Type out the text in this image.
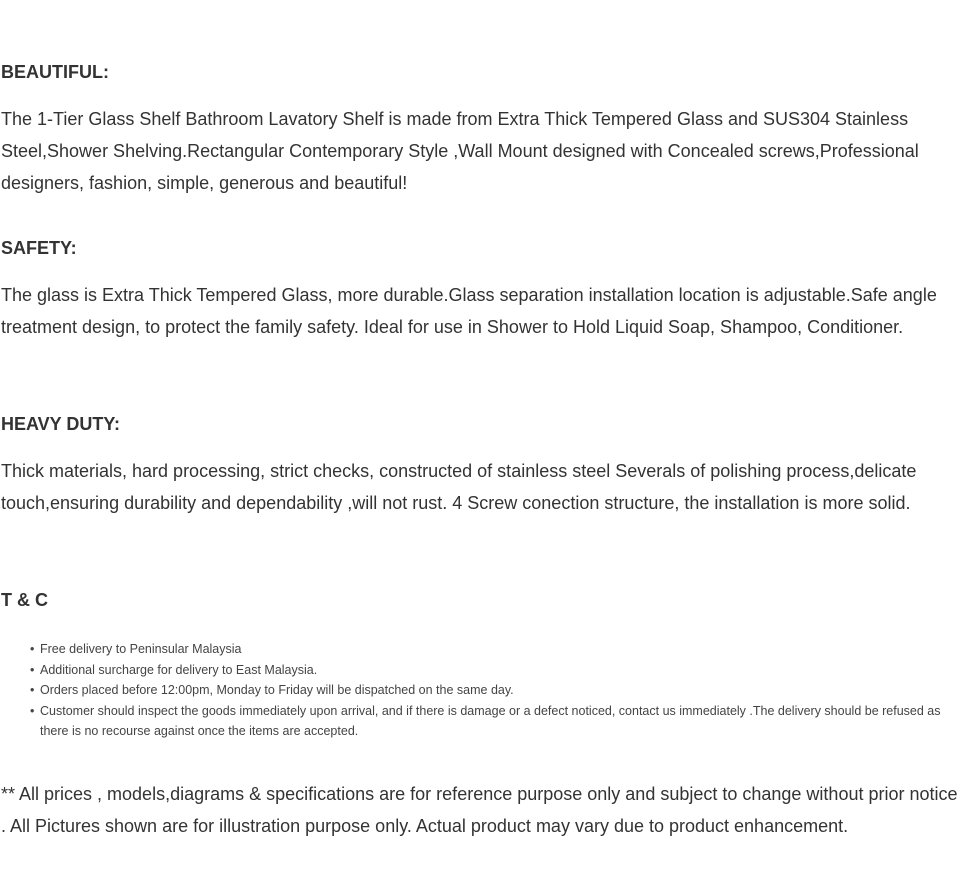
BEAUTIFUL:

The 1-Tier Glass Shelf Bathroom Lavatory Shelf is made from Extra Thick Tempered Glass and SUS304 Stainless Steel,Shower Shelving.Rectangular Contemporary Style ,Wall Mount designed with Concealed screws,Professional designers, fashion, simple, generous and beautiful!

SAFETY:

The glass is Extra Thick Tempered Glass, more durable.Glass separation installation location is adjustable.Safe angle treatment design, to protect the family safety. Ideal for use in Shower to Hold Liquid Soap, Shampoo, Conditioner.

HEAVY DUTY:

Thick materials, hard processing, strict checks, constructed of stainless steel Severals of polishing process,delicate touch,ensuring durability and dependability ,will not rust. 4 Screw conection structure, the installation is more solid.

T & C
• Free delivery to Peninsular Malaysia
• Additional surcharge for delivery to East Malaysia.
• Orders placed before 12:00pm, Monday to Friday will be dispatched on the same day.
• Customer should inspect the goods immediately upon arrival, and if there is damage or a defect noticed, contact us immediately .The delivery should be refused as there is no recourse against once the items are accepted.

** All prices , models,diagrams & specifications are for reference purpose only and subject to change without prior notice . All Pictures shown are for illustration purpose only. Actual product may vary due to product enhancement.
